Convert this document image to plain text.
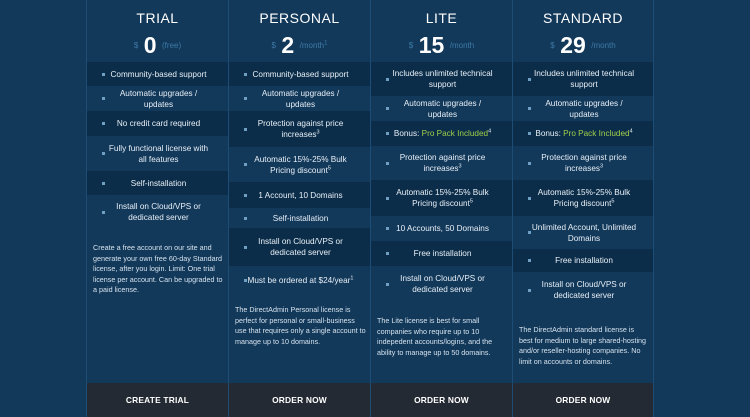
TRIAL
$ 0 (free)
Community-based support
Automatic upgrades / updates
No credit card required
Fully functional license with all features
Self-installation
Install on Cloud/VPS or dedicated server
Create a free account on our site and generate your own free 60-day Standard license, after you login. Limit: One trial license per account. Can be upgraded to a paid license.
CREATE TRIAL
PERSONAL
$ 2 /month$^1$
Community-based support
Automatic upgrades / updates
Protection against price increases$^3$
Automatic 15%-25% Bulk Pricing discount$^5$
1 Account, 10 Domains
Self-installation
Install on Cloud/VPS or dedicated server
Must be ordered at $24/year$^1$
The DirectAdmin Personal license is perfect for personal or small-business use that requires only a single account to manage up to 10 domains.
ORDER NOW
LITE
$ 15 /month
Includes unlimited technical support
Automatic upgrades / updates
Bonus: Pro Pack Included$^4$
Protection against price increases$^3$
Automatic 15%-25% Bulk Pricing discount$^5$
10 Accounts, 50 Domains
Free installation
Install on Cloud/VPS or dedicated server
The Lite license is best for small companies who require up to 10 indepedent accounts/logins, and the ability to manage up to 50 domains.
ORDER NOW
STANDARD
$ 29 /month
Includes unlimited technical support
Automatic upgrades / updates
Bonus: Pro Pack Included$^4$
Protection against price increases$^3$
Automatic 15%-25% Bulk Pricing discount$^5$
Unlimited Account, Unlimited Domains
Free installation
Install on Cloud/VPS or dedicated server
The DirectAdmin standard license is best for medium to large shared-hosting and/or reseller-hosting companies. No limit on accounts or domains.
ORDER NOW
